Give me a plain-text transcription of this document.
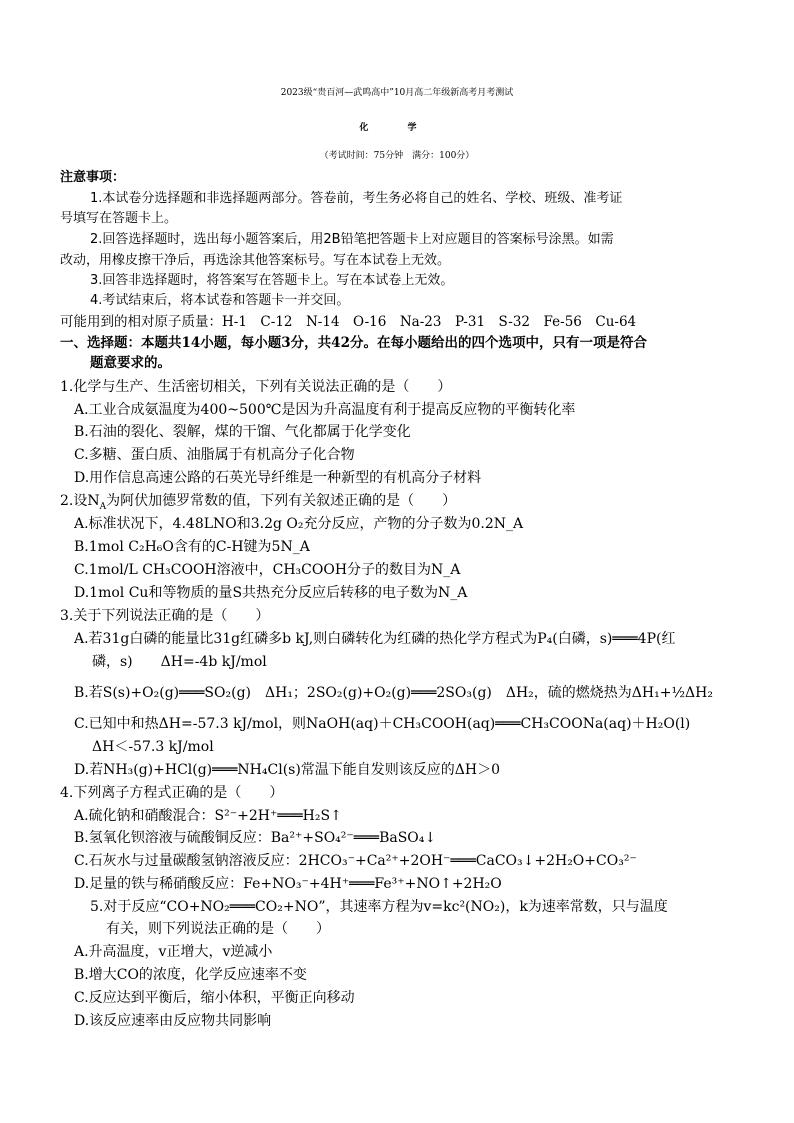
2023级“贵百河—武鸣高中”10月高二年级新高考月考测试
化 学
（考试时间：75分钟　满分：100分）
注意事项：
1.本试卷分选择题和非选择题两部分。答卷前，考生务必将自己的姓名、学校、班级、准考证
号填写在答题卡上。
2.回答选择题时，选出每小题答案后，用2B铅笔把答题卡上对应题目的答案标号涂黑。如需
改动，用橡皮擦干净后，再选涂其他答案标号。写在本试卷上无效。
3.回答非选择题时，将答案写在答题卡上。写在本试卷上无效。
4.考试结束后，将本试卷和答题卡一并交回。
可能用到的相对原子质量：H-1　C-12　N-14　O-16　Na-23　P-31　S-32　Fe-56　Cu-64
一、选择题：本题共14小题，每小题3分，共42分。在每小题给出的四个选项中，只有一项是符合
题意要求的。
1.化学与生产、生活密切相关，下列有关说法正确的是（　　）
A.工业合成氨温度为400~500℃是因为升高温度有利于提高反应物的平衡转化率
B.石油的裂化、裂解，煤的干馏、气化都属于化学变化
C.多糖、蛋白质、油脂属于有机高分子化合物
D.用作信息高速公路的石英光导纤维是一种新型的有机高分子材料
2.设$N_A$为阿伏加德罗常数的值，下列有关叙述正确的是（　　）
A.标准状况下，4.48LNO和3.2g O₂充分反应，产物的分子数为0.2N_A
B.1mol C₂H₆O含有的C-H键为5N_A
C.1mol/L CH₃COOH溶液中，CH₃COOH分子的数目为N_A
D.1mol Cu和等物质的量S共热充分反应后转移的电子数为N_A
3.关于下列说法正确的是（　　）
A.若31g白磷的能量比31g红磷多b kJ,则白磷转化为红磷的热化学方程式为P₄(白磷，s)═══4P(红
磷，s)　　ΔH=-4b kJ/mol
B.若S(s)+O₂(g)═══SO₂(g)　ΔH₁；2SO₂(g)+O₂(g)═══2SO₃(g)　ΔH₂，硫的燃烧热为ΔH₁+½ΔH₂
C.已知中和热ΔH=-57.3 kJ/mol，则NaOH(aq)＋CH₃COOH(aq)═══CH₃COONa(aq)＋H₂O(l)
ΔH＜-57.3 kJ/mol
D.若NH₃(g)+HCl(g)═══NH₄Cl(s)常温下能自发则该反应的ΔH＞0
4.下列离子方程式正确的是（　　）
A.硫化钠和硝酸混合：S²⁻+2H⁺═══H₂S↑
B.氢氧化钡溶液与硫酸铜反应：Ba²⁺+SO₄²⁻═══BaSO₄↓
C.石灰水与过量碳酸氢钠溶液反应：2HCO₃⁻+Ca²⁺+2OH⁻═══CaCO₃↓+2H₂O+CO₃²⁻
D.足量的铁与稀硝酸反应：Fe+NO₃⁻+4H⁺═══Fe³⁺+NO↑+2H₂O
5.对于反应“CO+NO₂═══CO₂+NO”，其速率方程为v=kc²(NO₂)，k为速率常数，只与温度
有关，则下列说法正确的是（　　）
A.升高温度，v正增大，v逆减小
B.增大CO的浓度，化学反应速率不变
C.反应达到平衡后，缩小体积，平衡正向移动
D.该反应速率由反应物共同影响
